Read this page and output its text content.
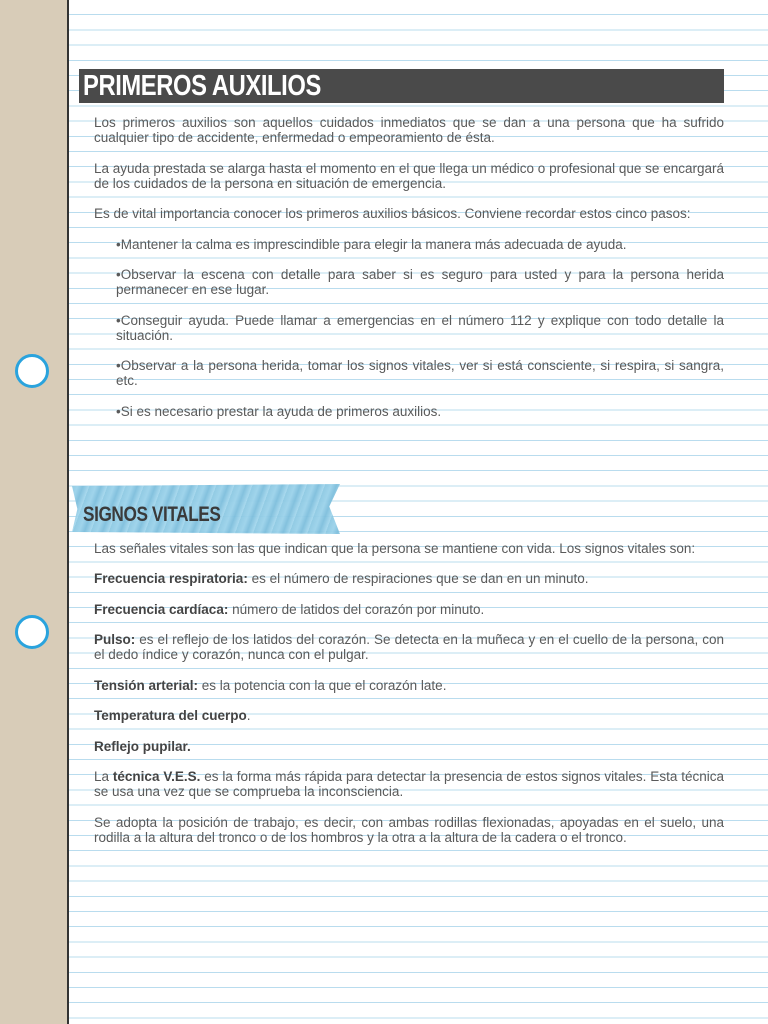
PRIMEROS AUXILIOS

Los primeros auxilios son aquellos cuidados inmediatos que se dan a una persona que ha sufrido cualquier tipo de accidente, enfermedad o empeoramiento de ésta.

La ayuda prestada se alarga hasta el momento en el que llega un médico o profesional que se encargará de los cuidados de la persona en situación de emergencia.

Es de vital importancia conocer los primeros auxilios básicos. Conviene recordar estos cinco pasos:

•Mantener la calma es imprescindible para elegir la manera más adecuada de ayuda.

•Observar la escena con detalle para saber si es seguro para usted y para la persona herida permanecer en ese lugar.

•Conseguir ayuda. Puede llamar a emergencias en el número 112 y explique con todo detalle la situación.

•Observar a la persona herida, tomar los signos vitales, ver si está consciente, si respira, si sangra, etc.

•Si es necesario prestar la ayuda de primeros auxilios.

SIGNOS VITALES

Las señales vitales son las que indican que la persona se mantiene con vida. Los signos vitales son:

Frecuencia respiratoria: es el número de respiraciones que se dan en un minuto.

Frecuencia cardíaca: número de latidos del corazón por minuto.

Pulso: es el reflejo de los latidos del corazón. Se detecta en la muñeca y en el cuello de la persona, con el dedo índice y corazón, nunca con el pulgar.

Tensión arterial: es la potencia con la que el corazón late.

Temperatura del cuerpo.

Reflejo pupilar.

La técnica V.E.S. es la forma más rápida para detectar la presencia de estos signos vitales. Esta técnica se usa una vez que se comprueba la inconsciencia.

Se adopta la posición de trabajo, es decir, con ambas rodillas flexionadas, apoyadas en el suelo, una rodilla a la altura del tronco o de los hombros y la otra a la altura de la cadera o el tronco.
